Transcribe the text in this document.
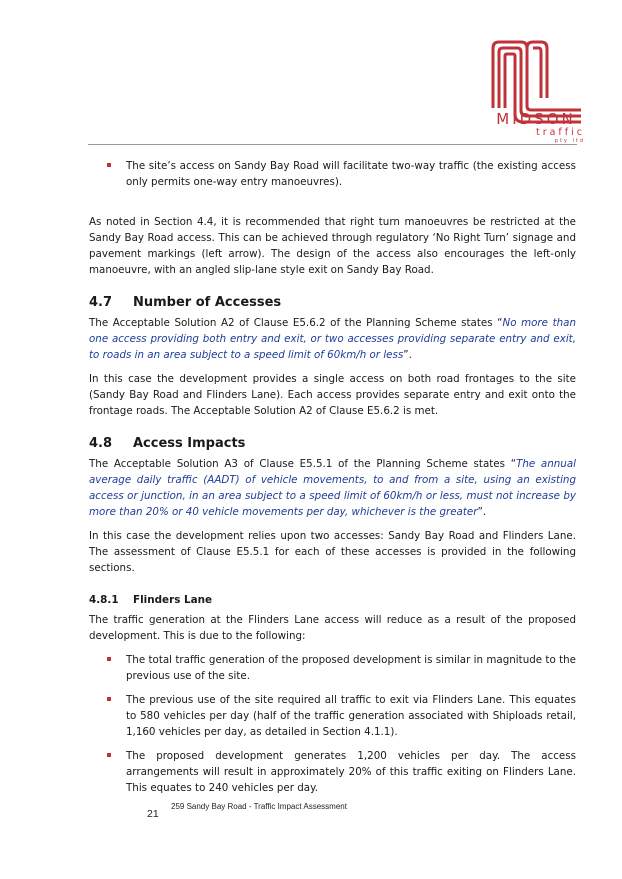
MIDSON
traffic
pty ltd
The site’s access on Sandy Bay Road will facilitate two-way traffic (the existing access only permits one-way entry manoeuvres).

As noted in Section 4.4, it is recommended that right turn manoeuvres be restricted at the Sandy Bay Road access. This can be achieved through regulatory ‘No Right Turn’ signage and pavement markings (left arrow). The design of the access also encourages the left-only manoeuvre, with an angled slip-lane style exit on Sandy Bay Road.

4.7	Number of Accesses

The Acceptable Solution A2 of Clause E5.6.2 of the Planning Scheme states “No more than one access providing both entry and exit, or two accesses providing separate entry and exit, to roads in an area subject to a speed limit of 60km/h or less”.

In this case the development provides a single access on both road frontages to the site (Sandy Bay Road and Flinders Lane). Each access provides separate entry and exit onto the frontage roads. The Acceptable Solution A2 of Clause E5.6.2 is met.

4.8	Access Impacts

The Acceptable Solution A3 of Clause E5.5.1 of the Planning Scheme states “The annual average daily traffic (AADT) of vehicle movements, to and from a site, using an existing access or junction, in an area subject to a speed limit of 60km/h or less, must not increase by more than 20% or 40 vehicle movements per day, whichever is the greater”.

In this case the development relies upon two accesses: Sandy Bay Road and Flinders Lane. The assessment of Clause E5.5.1 for each of these accesses is provided in the following sections.

4.8.1	Flinders Lane

The traffic generation at the Flinders Lane access will reduce as a result of the proposed development. This is due to the following:

The total traffic generation of the proposed development is similar in magnitude to the previous use of the site.
The previous use of the site required all traffic to exit via Flinders Lane. This equates to 580 vehicles per day (half of the traffic generation associated with Shiploads retail, 1,160 vehicles per day, as detailed in Section 4.1.1).
The proposed development generates 1,200 vehicles per day. The access arrangements will result in approximately 20% of this traffic exiting on Flinders Lane. This equates to 240 vehicles per day.
259 Sandy Bay Road - Traffic Impact Assessment
21
